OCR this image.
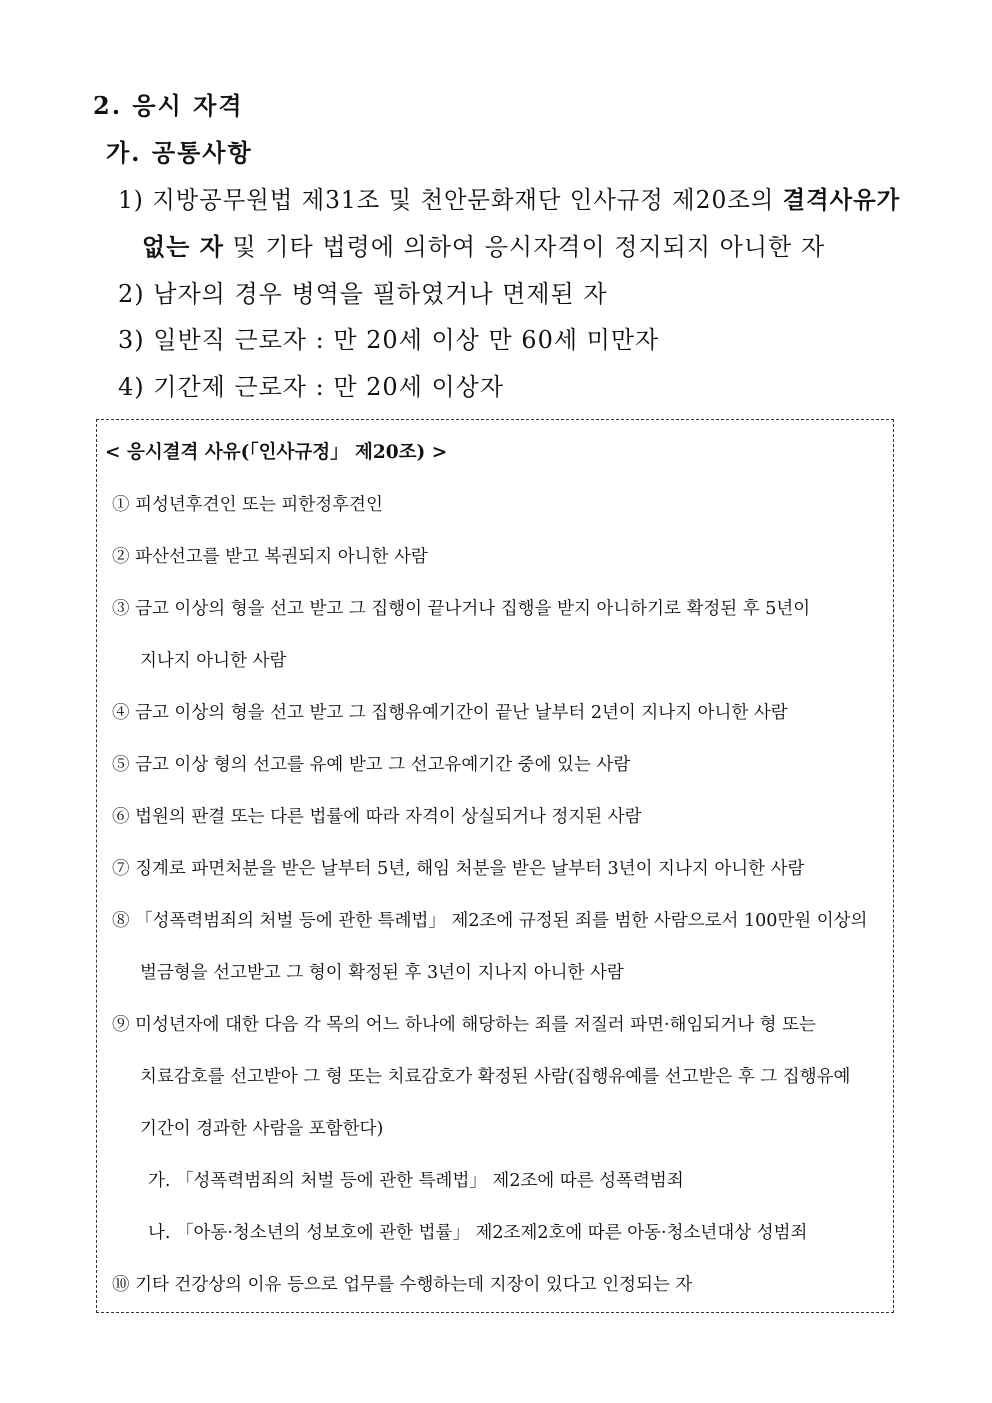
2. 응시 자격
가. 공통사항
1) 지방공무원법 제31조 및 천안문화재단 인사규정 제20조의 결격사유가
없는 자 및 기타 법령에 의하여 응시자격이 정지되지 아니한 자
2) 남자의 경우 병역을 필하였거나 면제된 자
3) 일반직 근로자 : 만 20세 이상 만 60세 미만자
4) 기간제 근로자 : 만 20세 이상자
< 응시결격 사유(「인사규정」 제20조) >
① 피성년후견인 또는 피한정후견인
② 파산선고를 받고 복권되지 아니한 사람
③ 금고 이상의 형을 선고 받고 그 집행이 끝나거나 집행을 받지 아니하기로 확정된 후 5년이
지나지 아니한 사람
④ 금고 이상의 형을 선고 받고 그 집행유예기간이 끝난 날부터 2년이 지나지 아니한 사람
⑤ 금고 이상 형의 선고를 유예 받고 그 선고유예기간 중에 있는 사람
⑥ 법원의 판결 또는 다른 법률에 따라 자격이 상실되거나 정지된 사람
⑦ 징계로 파면처분을 받은 날부터 5년, 해임 처분을 받은 날부터 3년이 지나지 아니한 사람
⑧ 「성폭력범죄의 처벌 등에 관한 특례법」 제2조에 규정된 죄를 범한 사람으로서 100만원 이상의
벌금형을 선고받고 그 형이 확정된 후 3년이 지나지 아니한 사람
⑨ 미성년자에 대한 다음 각 목의 어느 하나에 해당하는 죄를 저질러 파면·해임되거나 형 또는
치료감호를 선고받아 그 형 또는 치료감호가 확정된 사람(집행유예를 선고받은 후 그 집행유예
기간이 경과한 사람을 포함한다)
가. 「성폭력범죄의 처벌 등에 관한 특례법」 제2조에 따른 성폭력범죄
나. 「아동·청소년의 성보호에 관한 법률」 제2조제2호에 따른 아동·청소년대상 성범죄
⑩ 기타 건강상의 이유 등으로 업무를 수행하는데 지장이 있다고 인정되는 자
